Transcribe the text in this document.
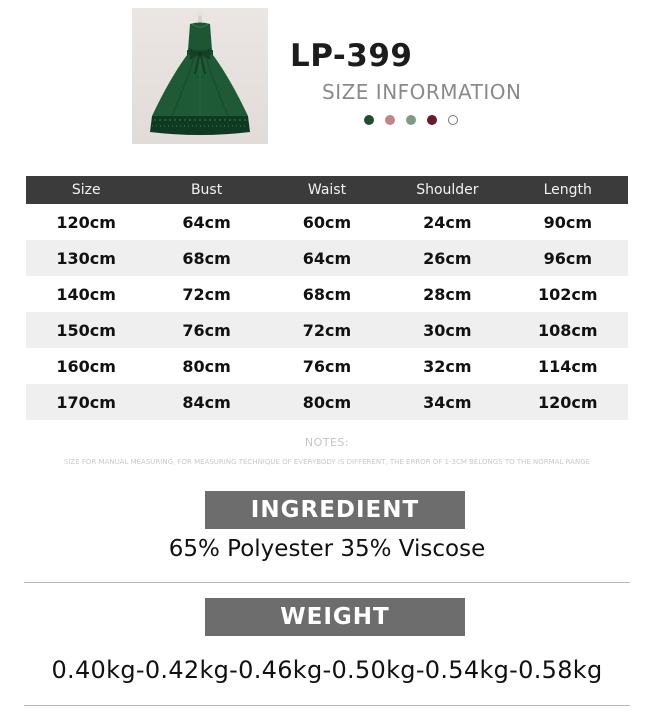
LP-399
SIZE INFORMATION
Size	Bust	Waist	Shoulder	Length
120cm	64cm	60cm	24cm	90cm
130cm	68cm	64cm	26cm	96cm
140cm	72cm	68cm	28cm	102cm
150cm	76cm	72cm	30cm	108cm
160cm	80cm	76cm	32cm	114cm
170cm	84cm	80cm	34cm	120cm
NOTES:
SIZE FOR MANUAL MEASURING, FOR MEASURING TECHNIQUE OF EVERYBODY IS DIFFERENT, THE ERROR OF 1-3CM BELONGS TO THE NORMAL RANGE
INGREDIENT
65% Polyester 35% Viscose
WEIGHT
0.40kg-0.42kg-0.46kg-0.50kg-0.54kg-0.58kg
